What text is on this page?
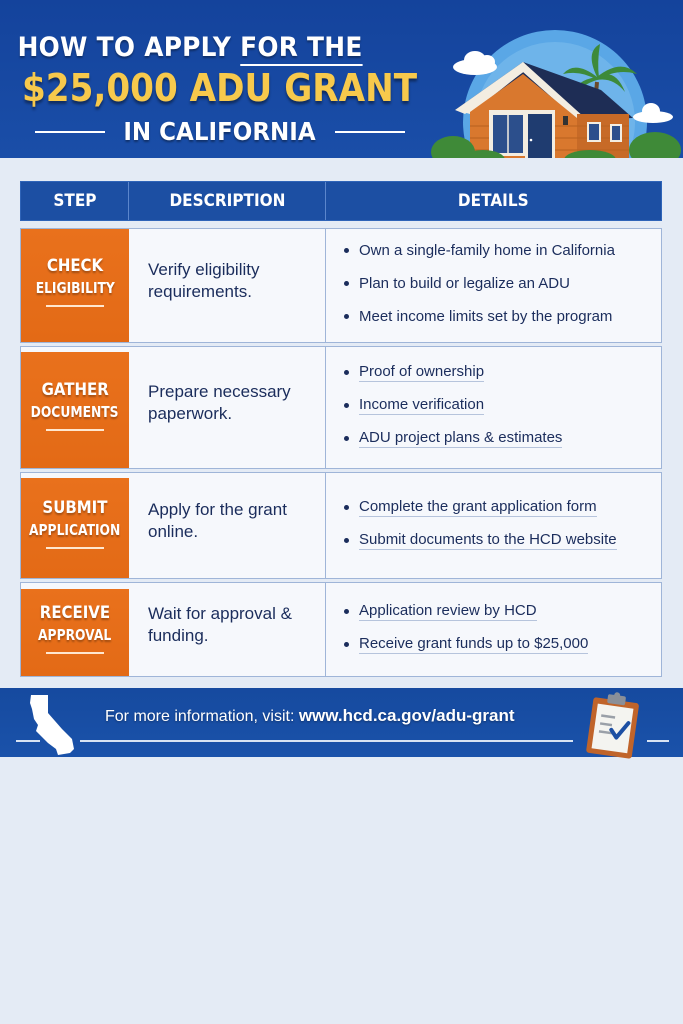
HOW TO APPLY FOR THE
$25,000 ADU GRANT
IN CALIFORNIA
STEP	DESCRIPTION	DETAILS
CHECK
ELIGIBILITY
Verify eligibility requirements.
Own a single-family home in California
Plan to build or legalize an ADU
Meet income limits set by the program
GATHER
DOCUMENTS
Prepare necessary paperwork.
Proof of ownership
Income verification
ADU project plans & estimates
SUBMIT
APPLICATION
Apply for the grant online.
Complete the grant application form
Submit documents to the HCD website
RECEIVE
APPROVAL
Wait for approval & funding.
Application review by HCD
Receive grant funds up to $25,000
For more information, visit: www.hcd.ca.gov/adu-grant
